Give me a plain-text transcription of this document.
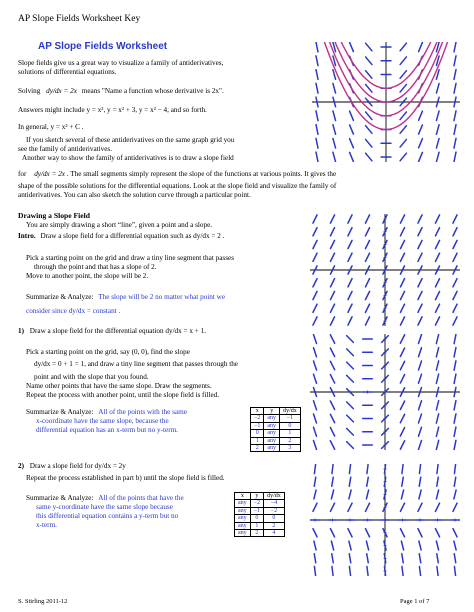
AP Slope Fields Worksheet Key
AP Slope Fields Worksheet
Slope fields give us a great way to visualize a family of antiderivatives,
solutions of differential equations.
Solving dy/dx = 2x means "Name a function whose derivative is 2x".
Answers might include y = x², y = x² + 3, y = x² − 4, and so forth.
In general, y = x² + C .
If you sketch several of these antiderivatives on the same graph grid you
see the family of antiderivatives.
Another way to show the family of antiderivatives is to draw a slope field
for dy/dx = 2x . The small segments simply represent the slope of the functions at various points. It gives the
shape of the possible solutions for the differential equations. Look at the slope field and visualize the family of
antiderivatives. You can also sketch the solution curve through a particular point.
Drawing a Slope Field
You are simply drawing a short “line”, given a point and a slope.
Intro. Draw a slope field for a differential equation such as dy/dx = 2 .
Pick a starting point on the grid and draw a tiny line segment that passes
through the point and that has a slope of 2.
Move to another point, the slope will be 2.
Summarize & Analyze: The slope will be 2 no matter what point we
consider since dy/dx = constant .
1) Draw a slope field for the differential equation dy/dx = x + 1.
Pick a starting point on the grid, say (0, 0), find the slope
dy/dx = 0 + 1 = 1, and draw a tiny line segment that passes through the
point and with the slope that you found.
Name other points that have the same slope. Draw the segments.
Repeat the process with another point, until the slope field is filled.
Summarize & Analyze: All of the points with the same
x-coordinate have the same slope, because the
differential equation has an x-term but no y-term.
x	y	dy/dx
−2	any	−1
−1	any	0
0	any	1
1	any	2
2	any	3
2) Draw a slope field for dy/dx = 2y
Repeat the process established in part b) until the slope field is filled.
Summarize & Analyze: All of the points that have the
same y-coordinate have the same slope because
this differential equation contains a y-term but no
x-term.
x	y	dy/dx
any	−2	−4
any	−1	−2
any	0	0
any	1	2
any	2	4
S. Stirling 2011-12	Page 1 of 7
